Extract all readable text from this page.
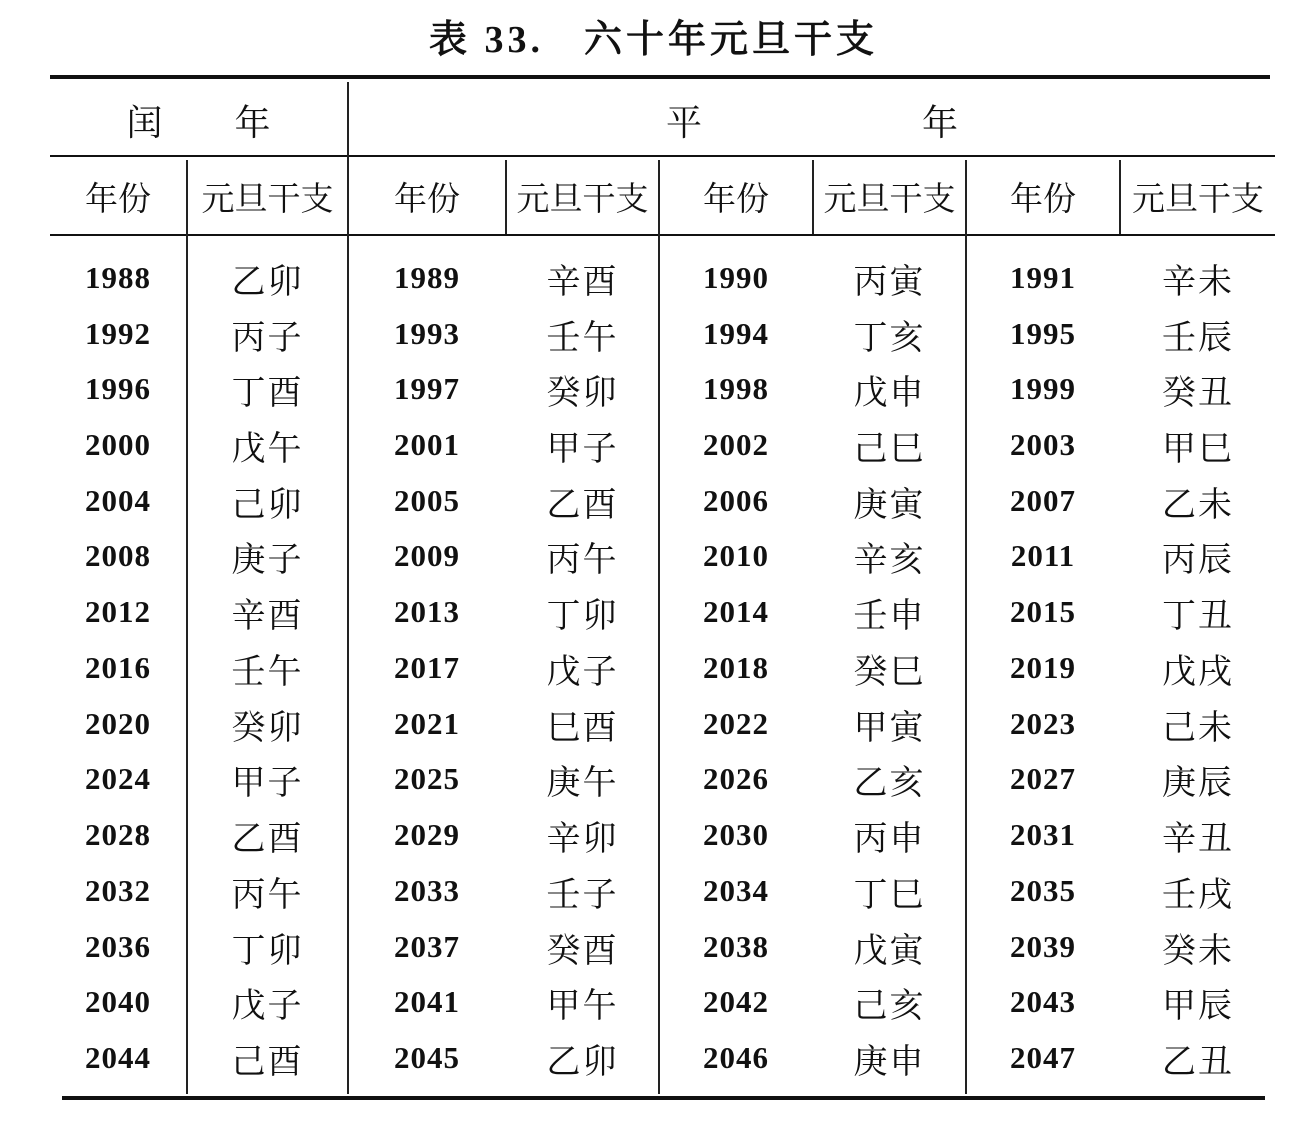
表 33. 六十年元旦干支
闰 年	平	年
年份	元旦干支	年份	元旦干支	年份	元旦干支	年份	元旦干支
1988	乙卯	1989	辛酉	1990	丙寅	1991	辛未
1992	丙子	1993	壬午	1994	丁亥	1995	壬辰
1996	丁酉	1997	癸卯	1998	戊申	1999	癸丑
2000	戊午	2001	甲子	2002	己巳	2003	甲巳
2004	己卯	2005	乙酉	2006	庚寅	2007	乙未
2008	庚子	2009	丙午	2010	辛亥	2011	丙辰
2012	辛酉	2013	丁卯	2014	壬申	2015	丁丑
2016	壬午	2017	戊子	2018	癸巳	2019	戊戌
2020	癸卯	2021	巳酉	2022	甲寅	2023	己未
2024	甲子	2025	庚午	2026	乙亥	2027	庚辰
2028	乙酉	2029	辛卯	2030	丙申	2031	辛丑
2032	丙午	2033	壬子	2034	丁巳	2035	壬戌
2036	丁卯	2037	癸酉	2038	戊寅	2039	癸未
2040	戊子	2041	甲午	2042	己亥	2043	甲辰
2044	己酉	2045	乙卯	2046	庚申	2047	乙丑
